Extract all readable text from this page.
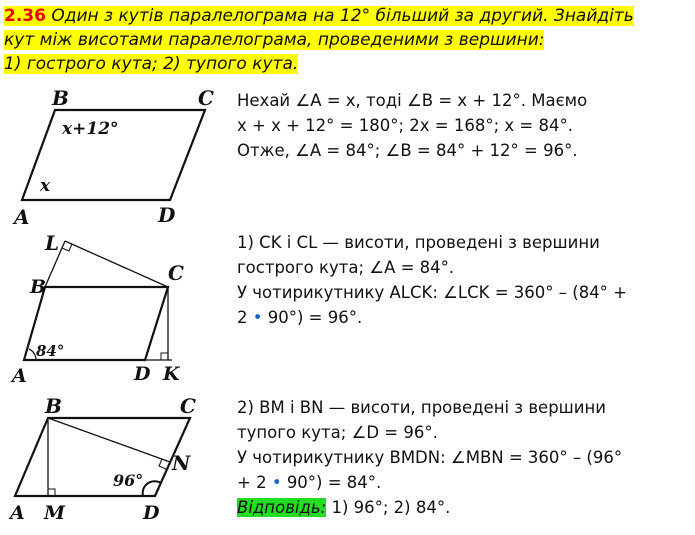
2.36 Один з кутів паралелограма на 12° більший за другий. Знайдіть
кут між висотами паралелограма, проведеними з вершини:
1) гострого кута; 2) тупого кута.
B	C
A	D
x+12°
x
L
B
C
A	D K
84°
B	C
N
A M	D
96°
Нехай ∠A = x, тоді ∠B = x + 12°. Маємо
x + x + 12° = 180°; 2x = 168°; x = 84°.
Отже, ∠A = 84°; ∠B = 84° + 12° = 96°.
1) CK і CL — висоти, проведені з вершини
гострого кута; ∠A = 84°.
У чотирикутнику ALCK: ∠LCK = 360° – (84° +
2 • 90°) = 96°.
2) BM і BN — висоти, проведені з вершини
тупого кута; ∠D = 96°.
У чотирикутнику BMDN: ∠MBN = 360° – (96°
+ 2 • 90°) = 84°.
Відповідь: 1) 96°; 2) 84°.
